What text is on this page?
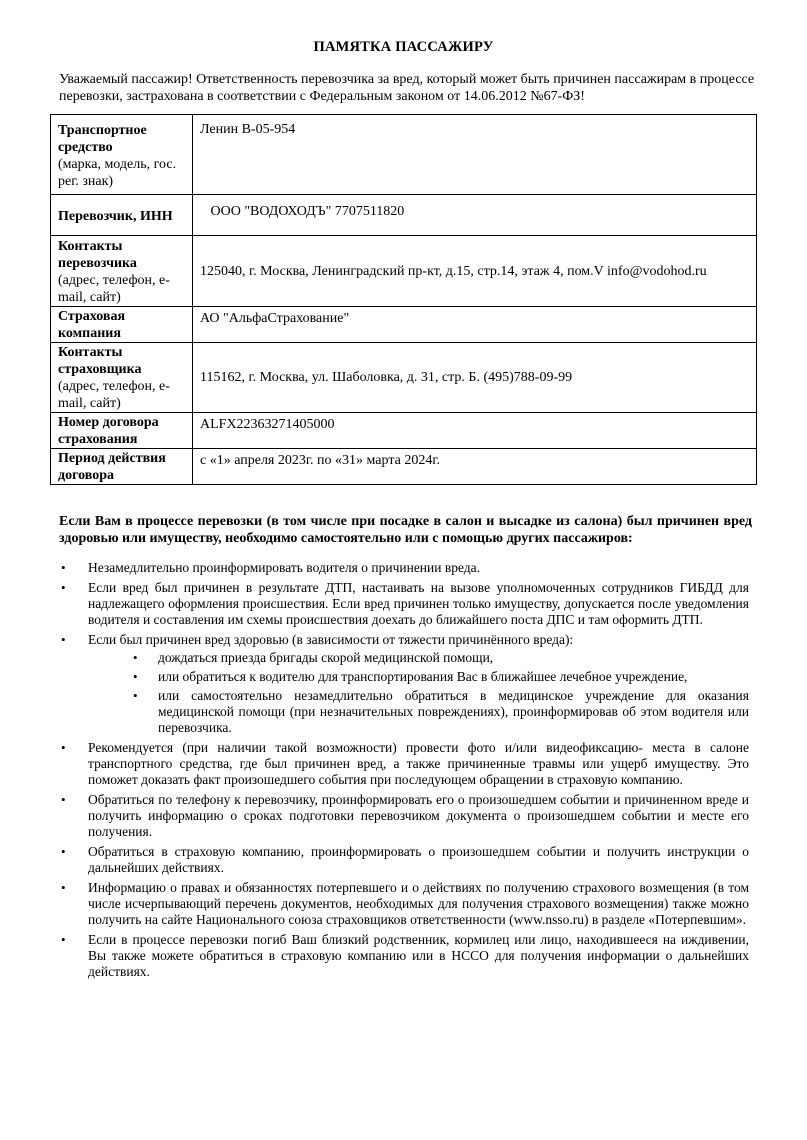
ПАМЯТКА ПАССАЖИРУ
Уважаемый пассажир! Ответственность перевозчика за вред, который может быть причинен пассажирам в процессе перевозки, застрахована в соответствии с Федеральным законом от 14.06.2012 №67-ФЗ!
Транспортное средство
(марка, модель, гос. рег. знак)	Ленин В-05-954

Перевозчик, ИНН	ООО "ВОДОХОДЪ" 7707511820

Контакты перевозчика
(адрес, телефон, e-mail, сайт)	125040, г. Москва, Ленинградский пр-кт, д.15, стр.14, этаж 4, пом.V info@vodohod.ru

Страховая компания	АО "АльфаСтрахование"

Контакты страховщика
(адрес, телефон, e-mail, сайт)	115162, г. Москва, ул. Шаболовка, д. 31, стр. Б. (495)788-09-99

Номер договора страхования	ALFX22363271405000

Период действия договора	с «1» апреля 2023г. по «31» марта 2024г.
Если Вам в процессе перевозки (в том числе при посадке в салон и высадке из салона) был причинен вред здоровью или имуществу, необходимо самостоятельно или с помощью других пассажиров:
• Незамедлительно проинформировать водителя о причинении вреда.
• Если вред был причинен в результате ДТП, настаивать на вызове уполномоченных сотрудников ГИБДД для надлежащего оформления происшествия. Если вред причинен только имуществу, допускается после уведомления водителя и составления им схемы происшествия доехать до ближайшего поста ДПС и там оформить ДТП.
• Если был причинен вред здоровью (в зависимости от тяжести причинённого вреда):
• дождаться приезда бригады скорой медицинской помощи,
• или обратиться к водителю для транспортирования Вас в ближайшее лечебное учреждение,
• или самостоятельно незамедлительно обратиться в медицинское учреждение для оказания медицинской помощи (при незначительных повреждениях), проинформировав об этом водителя или перевозчика.
• Рекомендуется (при наличии такой возможности) провести фото и/или видеофиксацию- места в салоне транспортного средства, где был причинен вред, а также причиненные травмы или ущерб имуществу. Это поможет доказать факт произошедшего события при последующем обращении в страховую компанию.
• Обратиться по телефону к перевозчику, проинформировать его о произошедшем событии и причиненном вреде и получить информацию о сроках подготовки перевозчиком документа о произошедшем событии и месте его получения.
• Обратиться в страховую компанию, проинформировать о произошедшем событии и получить инструкции о дальнейших действиях.
• Информацию о правах и обязанностях потерпевшего и о действиях по получению страхового возмещения (в том числе исчерпывающий перечень документов, необходимых для получения страхового возмещения) также можно получить на сайте Национального союза страховщиков ответственности (www.nsso.ru) в разделе «Потерпевшим».
• Если в процессе перевозки погиб Ваш близкий родственник, кормилец или лицо, находившееся на иждивении, Вы также можете обратиться в страховую компанию или в НССО для получения информации о дальнейших действиях.
